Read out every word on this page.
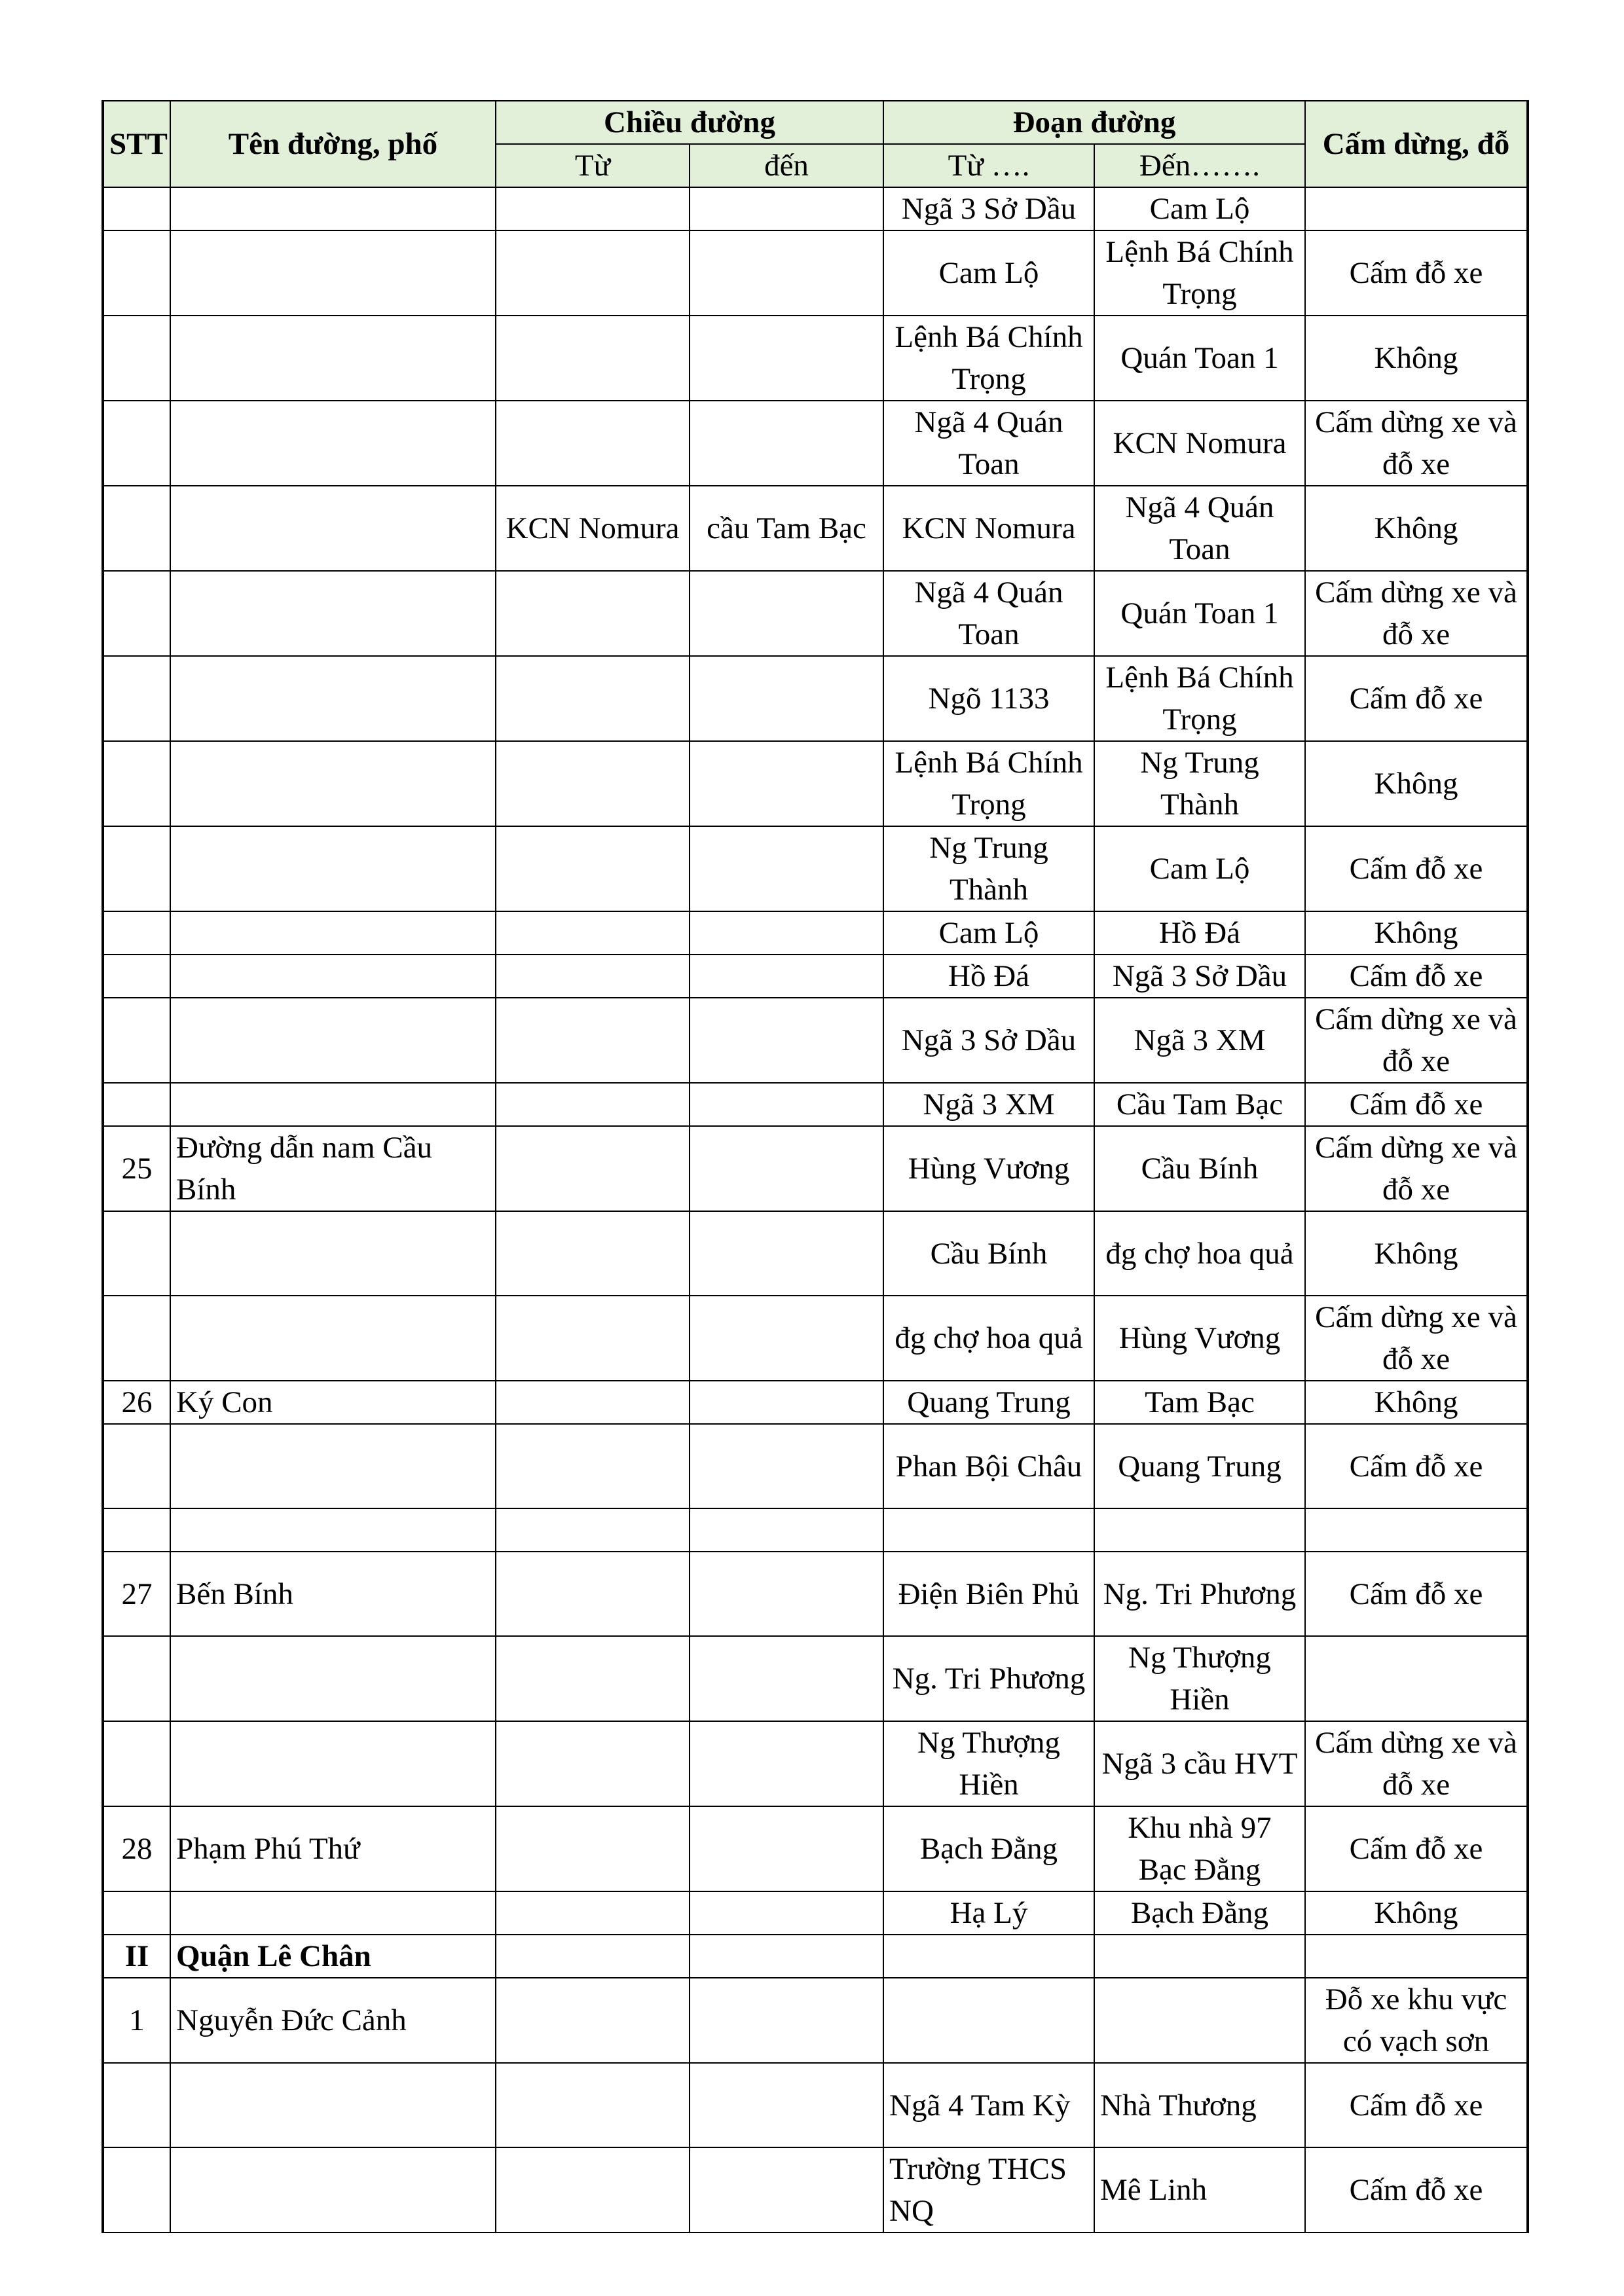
STT	Tên đường, phố	Chiều đường		Đoạn đường		Cấm dừng, đỗ
		Từ	đến	Từ ….	Đến…….	
				Ngã 3 Sở Dầu	Cam Lộ	
				Cam Lộ	Lệnh Bá Chính Trọng	Cấm đỗ xe
				Lệnh Bá Chính Trọng	Quán Toan 1	Không
				Ngã 4 Quán Toan	KCN Nomura	Cấm dừng xe và đỗ xe
		KCN Nomura	cầu Tam Bạc	KCN Nomura	Ngã 4 Quán Toan	Không
				Ngã 4 Quán Toan	Quán Toan 1	Cấm dừng xe và đỗ xe
				Ngõ 1133	Lệnh Bá Chính Trọng	Cấm đỗ xe
				Lệnh Bá Chính Trọng	Ng Trung Thành	Không
				Ng Trung Thành	Cam Lộ	Cấm đỗ xe
				Cam Lộ	Hồ Đá	Không
				Hồ Đá	Ngã 3 Sở Dầu	Cấm đỗ xe
				Ngã 3 Sở Dầu	Ngã 3 XM	Cấm dừng xe và đỗ xe
				Ngã 3 XM	Cầu Tam Bạc	Cấm đỗ xe
25	Đường dẫn nam Cầu Bính			Hùng Vương	Cầu Bính	Cấm dừng xe và đỗ xe
				Cầu Bính	đg chợ hoa quả	Không
				đg chợ hoa quả	Hùng Vương	Cấm dừng xe và đỗ xe
26	Ký Con			Quang Trung	Tam Bạc	Không
				Phan Bội Châu	Quang Trung	Cấm đỗ xe

27	Bến Bính			Điện Biên Phủ	Ng. Tri Phương	Cấm đỗ xe
				Ng. Tri Phương	Ng Thượng Hiền	
				Ng Thượng Hiền	Ngã 3 cầu HVT	Cấm dừng xe và đỗ xe
28	Phạm Phú Thứ			Bạch Đằng	Khu nhà 97 Bạc Đằng	Cấm đỗ xe
				Hạ Lý	Bạch Đằng	Không
II	Quận Lê Chân					
1	Nguyễn Đức Cảnh					Đỗ xe khu vực có vạch sơn
				Ngã 4 Tam Kỳ	Nhà Thương	Cấm đỗ xe
				Trường THCS NQ	Mê Linh	Cấm đỗ xe
